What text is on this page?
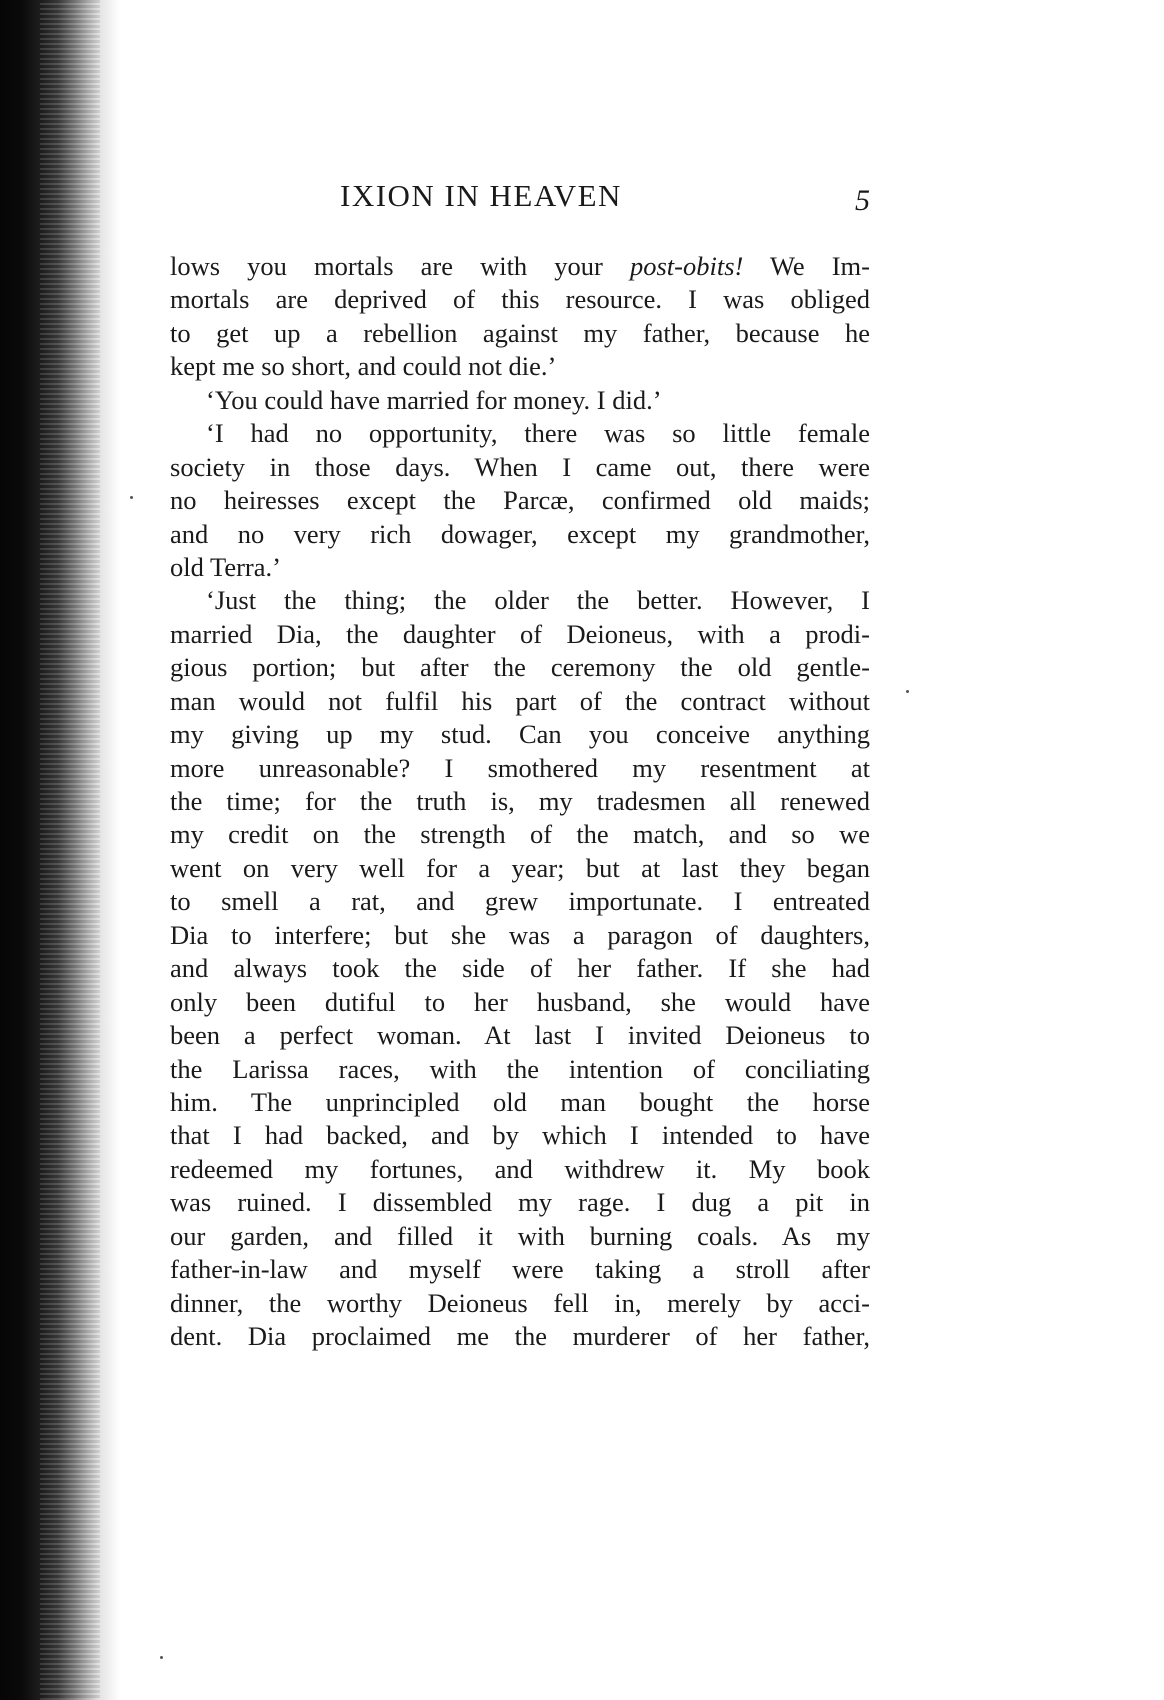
IXION IN HEAVEN	5
lows you mortals are with your post-obits! We Im-
mortals are deprived of this resource. I was obliged
to get up a rebellion against my father, because he
kept me so short, and could not die.’
‘You could have married for money. I did.’
‘I had no opportunity, there was so little female
society in those days. When I came out, there were
no heiresses except the Parcæ, confirmed old maids;
and no very rich dowager, except my grandmother,
old Terra.’
‘Just the thing; the older the better. However, I
married Dia, the daughter of Deioneus, with a prodi-
gious portion; but after the ceremony the old gentle-
man would not fulfil his part of the contract without
my giving up my stud. Can you conceive anything
more unreasonable? I smothered my resentment at
the time; for the truth is, my tradesmen all renewed
my credit on the strength of the match, and so we
went on very well for a year; but at last they began
to smell a rat, and grew importunate. I entreated
Dia to interfere; but she was a paragon of daughters,
and always took the side of her father. If she had
only been dutiful to her husband, she would have
been a perfect woman. At last I invited Deioneus to
the Larissa races, with the intention of conciliating
him. The unprincipled old man bought the horse
that I had backed, and by which I intended to have
redeemed my fortunes, and withdrew it. My book
was ruined. I dissembled my rage. I dug a pit in
our garden, and filled it with burning coals. As my
father-in-law and myself were taking a stroll after
dinner, the worthy Deioneus fell in, merely by acci-
dent. Dia proclaimed me the murderer of her father,
